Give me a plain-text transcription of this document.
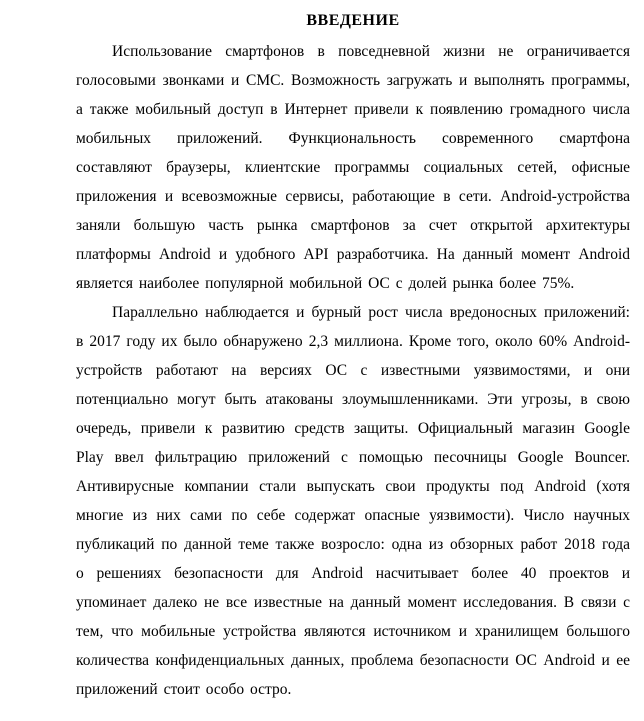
ВВЕДЕНИЕ

Использование смартфонов в повседневной жизни не ограничивается голосовыми звонками и СМС. Возможность загружать и выполнять программы, а также мобильный доступ в Интернет привели к появлению громадного числа мобильных приложений. Функциональность современного смартфона составляют браузеры, клиентские программы социальных сетей, офисные приложения и всевозможные сервисы, работающие в сети. Android-устройства заняли большую часть рынка смартфонов за счет открытой архитектуры платформы Android и удобного API разработчика. На данный момент Android является наиболее популярной мобильной ОС с долей рынка более 75%.

Параллельно наблюдается и бурный рост числа вредоносных приложений: в 2017 году их было обнаружено 2,3 миллиона. Кроме того, около 60% Android-устройств работают на версиях ОС с известными уязвимостями, и они потенциально могут быть атакованы злоумышленниками. Эти угрозы, в свою очередь, привели к развитию средств защиты. Официальный магазин Google Play ввел фильтрацию приложений с помощью песочницы Google Bouncer. Антивирусные компании стали выпускать свои продукты под Android (хотя многие из них сами по себе содержат опасные уязвимости). Число научных публикаций по данной теме также возросло: одна из обзорных работ 2018 года о решениях безопасности для Android насчитывает более 40 проектов и упоминает далеко не все известные на данный момент исследования. В связи с тем, что мобильные устройства являются источником и хранилищем большого количества конфиденциальных данных, проблема безопасности ОС Android и ее приложений стоит особо остро.
